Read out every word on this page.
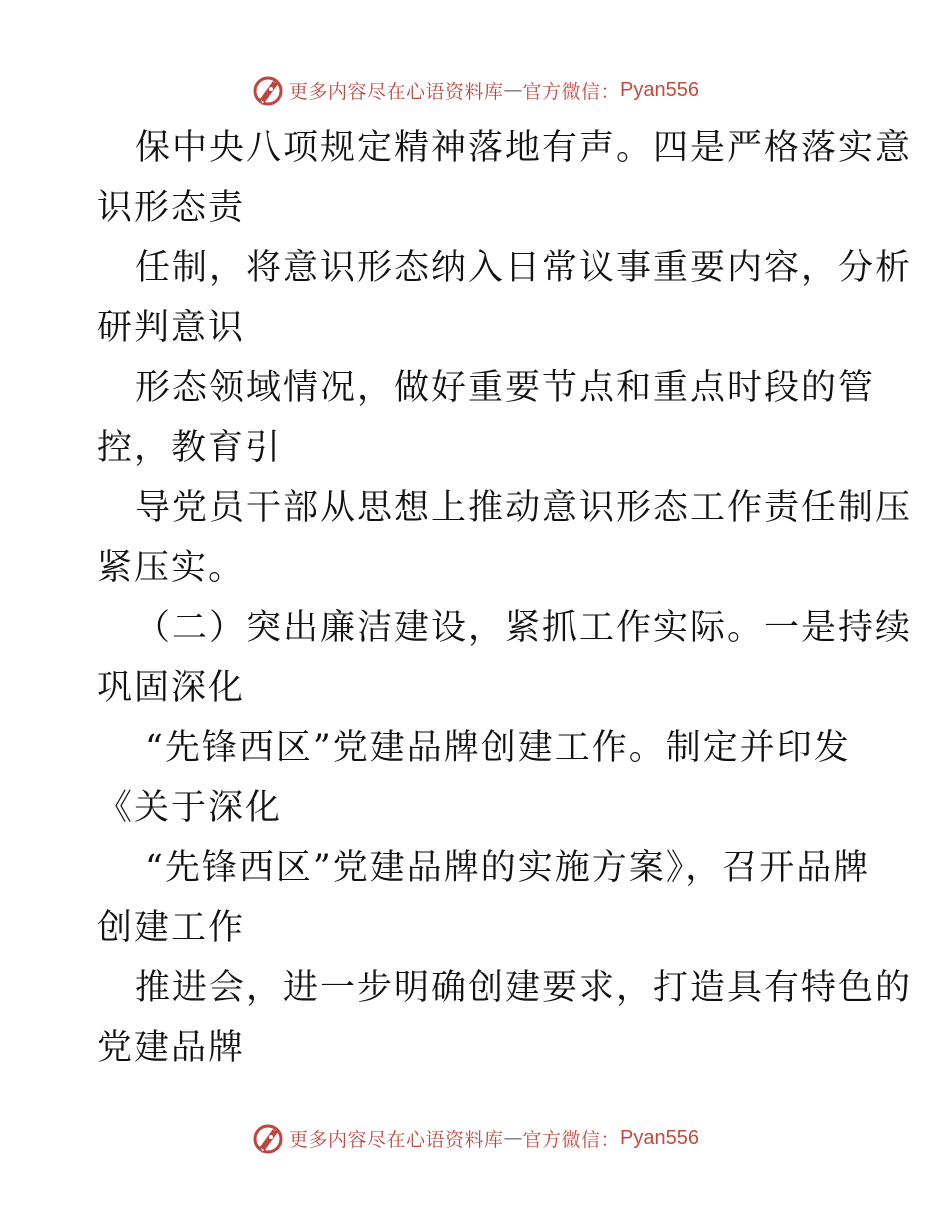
更多内容尽在心语资料库 — 官方微信： Pyan556
保中央八项规定精神落地有声。四是严格落实意
识形态责
任制，将意识形态纳入日常议事重要内容，分析
研判意识
形态领域情况，做好重要节点和重点时段的管
控，教育引
导党员干部从思想上推动意识形态工作责任制压
紧压实。
（二）突出廉洁建设，紧抓工作实际。一是持续
巩固深化
“先锋西区”党建品牌创建工作。制定并印发
《关于深化
“先锋西区”党建品牌的实施方案》，召开品牌
创建工作
推进会，进一步明确创建要求，打造具有特色的
党建品牌
更多内容尽在心语资料库 — 官方微信： Pyan556
